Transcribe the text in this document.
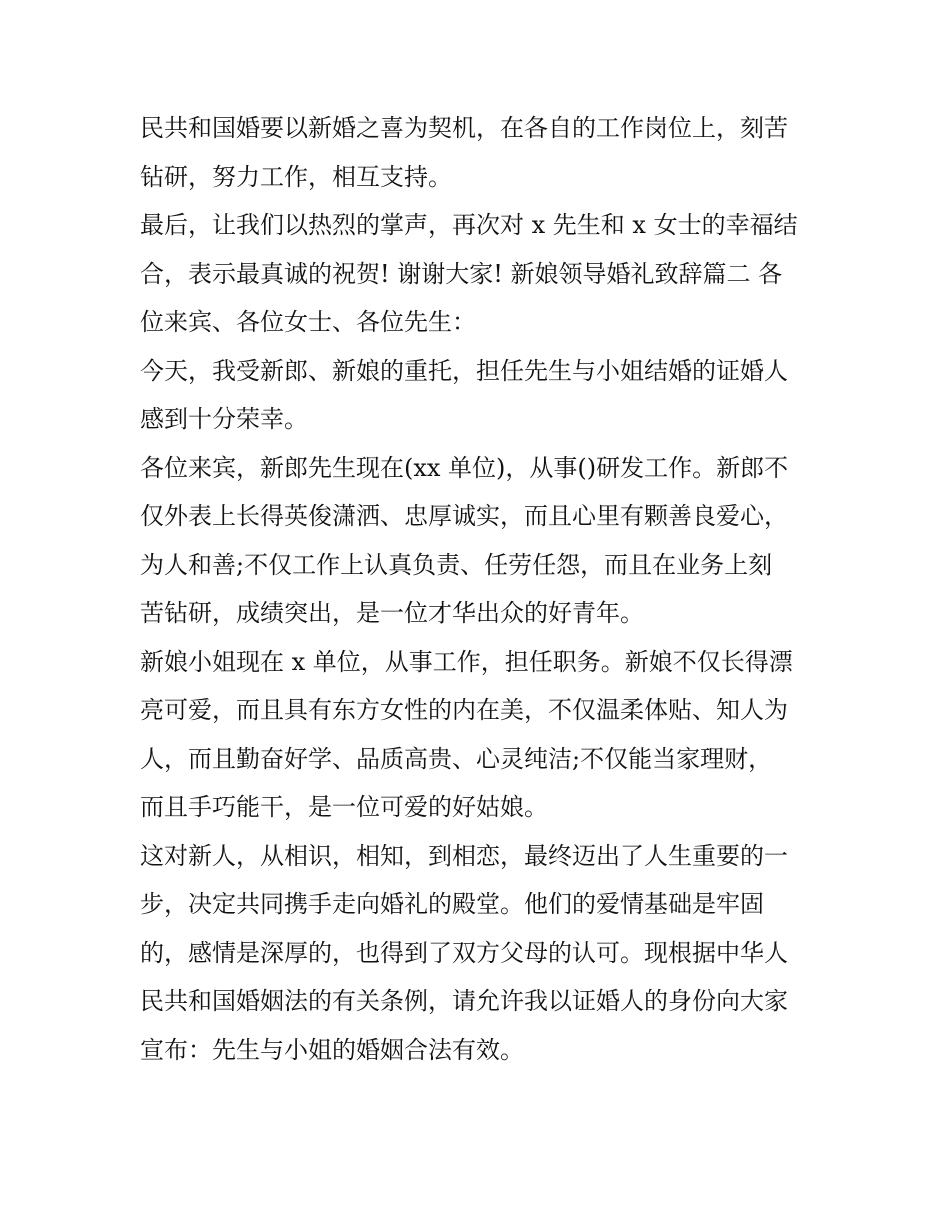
民共和国婚要以新婚之喜为契机，在各自的工作岗位上，刻苦
钻研，努力工作，相互支持。
最后，让我们以热烈的掌声，再次对 x 先生和 x 女士的幸福结
合，表示最真诚的祝贺! 谢谢大家! 新娘领导婚礼致辞篇二 各
位来宾、各位女士、各位先生：
今天，我受新郎、新娘的重托，担任先生与小姐结婚的证婚人
感到十分荣幸。
各位来宾，新郎先生现在(xx 单位)，从事()研发工作。新郎不
仅外表上长得英俊潇洒、忠厚诚实，而且心里有颗善良爱心，
为人和善;不仅工作上认真负责、任劳任怨，而且在业务上刻
苦钻研，成绩突出，是一位才华出众的好青年。
新娘小姐现在 x 单位，从事工作，担任职务。新娘不仅长得漂
亮可爱，而且具有东方女性的内在美，不仅温柔体贴、知人为
人，而且勤奋好学、品质高贵、心灵纯洁;不仅能当家理财，
而且手巧能干，是一位可爱的好姑娘。
这对新人，从相识，相知，到相恋，最终迈出了人生重要的一
步，决定共同携手走向婚礼的殿堂。他们的爱情基础是牢固
的，感情是深厚的，也得到了双方父母的认可。现根据中华人
民共和国婚姻法的有关条例，请允许我以证婚人的身份向大家
宣布：先生与小姐的婚姻合法有效。
